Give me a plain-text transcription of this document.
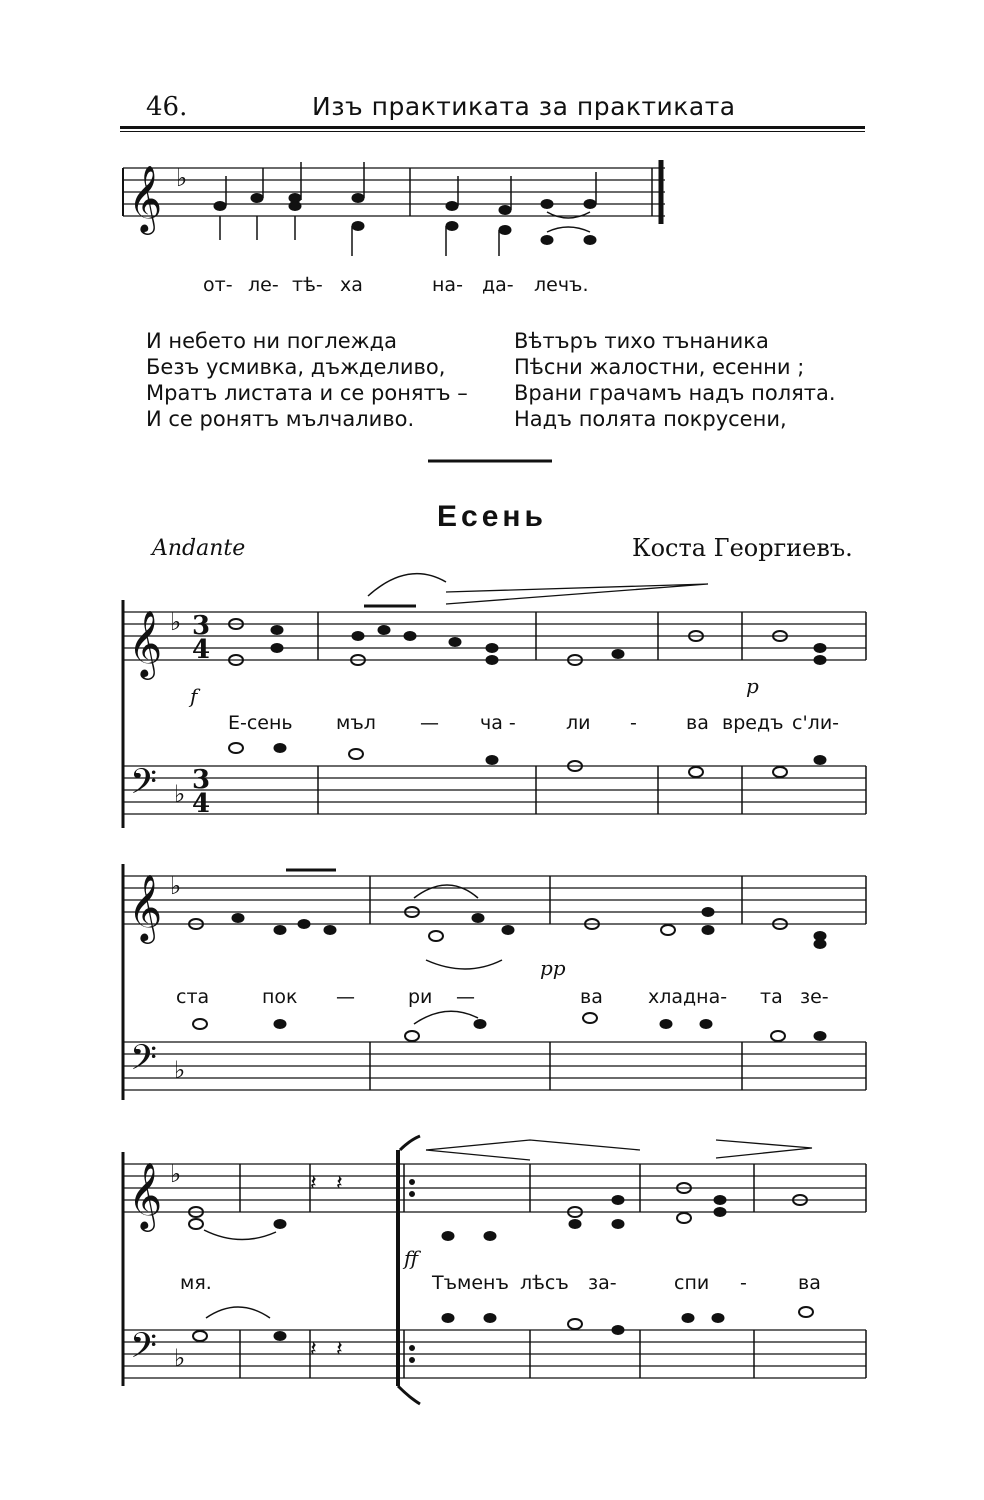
46.	Изъ практиката за практиката
𝄞 ♭
𝄞 ♭ 3
4
𝄢 ♭ 3
4
𝄞 ♭
𝄢 ♭
𝄞 ♭	𝄽 𝄽
𝄢 ♭	𝄽 𝄽
от- ле- тѣ- ха	на- да- лечъ.
И небето ни поглежда
Безъ усмивка, дъжделиво,
Мратъ листата и се ронятъ –
И се ронятъ мълчаливо.
Вѣтъръ тихо тънаника
Пѣсни жалостни, есенни ;
Врани грачамъ надъ полята.
Надъ полята покрусени,
Есень
Andante	Коста Георгиевъ.
f	p
pp
ff
Е-сень мъл — ча -	ли -	ва вредъ с'ли-
ста	пок —	ри —	ва хладна- та зе-
мя.	Тъменъ лѣсъ за-	спи -	ва
